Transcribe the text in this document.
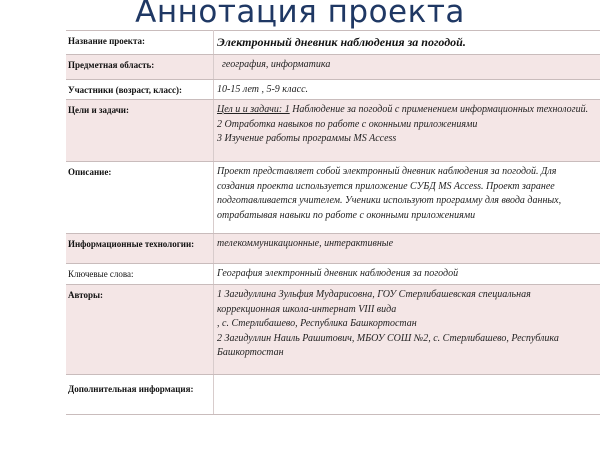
Аннотация проекта
Название проекта:	Электронный дневник наблюдения за погодой.
Предметная область:	география, информатика
Участники (возраст, класс):	10-15 лет , 5-9 класс.
Цели и задачи:	Цел и и задачи: 1 Наблюдение за погодой с применением информационных технологий.
2 Отработка навыков по работе с оконными приложениями
3 Изучение работы программы MS Access

Описание:	Проект представляет собой электронный дневник наблюдения за погодой. Для создания проекта используется приложение СУБД MS Access. Проект заранее подготавливается учителем. Ученики используют программу для ввода данных, отрабатывая навыки по работе с оконными приложениями
Информационные технологии:	телекоммуникационные, интерактивные
Ключевые слова:	География электронный дневник наблюдения за погодой
Авторы:	1 Загидуллина Зульфия Мударисовна, ГОУ Стерлибашевская специальная коррекционная школа-интернат VIII вида
, с. Стерлибашево, Республика Башкортостан
2 Загидуллин Наиль Рашитович, МБОУ СОШ №2, с. Стерлибашево, Республика Башкортостан

Дополнительная информация:	
